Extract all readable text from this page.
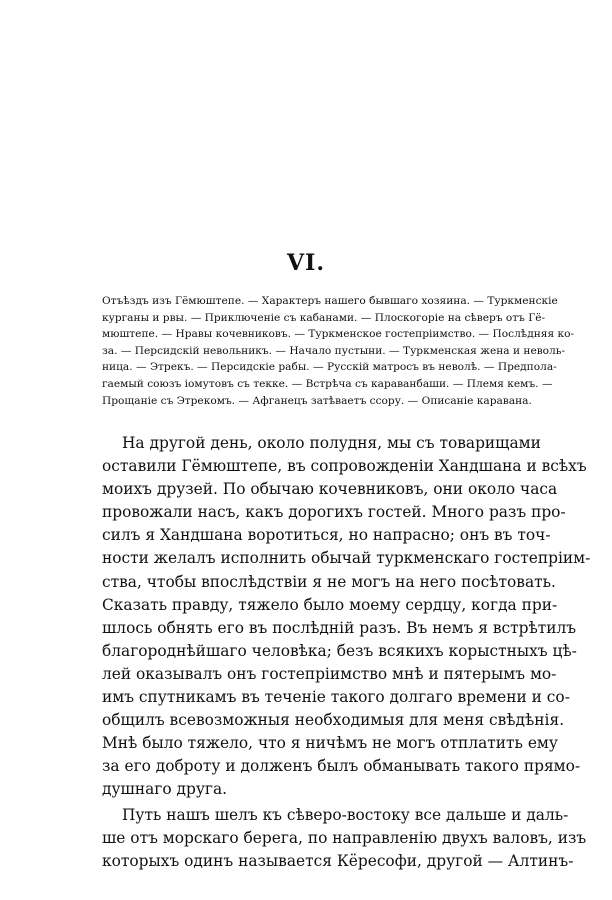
VI.
Отъѣздъ изъ Гёмюштепе. — Характеръ нашего бывшаго хозяина. — Туркменскіе
курганы и рвы. — Приключеніе съ кабанами. — Плоскогоріе на сѣверъ отъ Гё-
мюштепе. — Нравы кочевниковъ. — Туркменское гостепріимство. — Послѣдняя ко-
за. — Персидскій невольникъ. — Начало пустыни. — Туркменская жена и неволь-
ница. — Этрекъ. — Персидскіе рабы. — Русскій матросъ въ неволѣ. — Предпола-
гаемый союзъ іомутовъ съ текке. — Встрѣча съ караванбаши. — Племя кемъ. —
Прощаніе съ Этрекомъ. — Афганецъ затѣваетъ ссору. — Описаніе каравана.
На другой день, около полудня, мы съ товарищами
оставили Гёмюштепе, въ сопровожденіи Хандшана и всѣхъ
моихъ друзей. По обычаю кочевниковъ, они около часа
провожали насъ, какъ дорогихъ гостей. Много разъ про-
силъ я Хандшана воротиться, но напрасно; онъ въ точ-
ности желалъ исполнить обычай туркменскаго гостепріим-
ства, чтобы впослѣдствіи я не могъ на него посѣтовать.
Сказать правду, тяжело было моему сердцу, когда при-
шлось обнять его въ послѣдній разъ. Въ немъ я встрѣтилъ
благороднѣйшаго человѣка; безъ всякихъ корыстныхъ цѣ-
лей оказывалъ онъ гостепріимство мнѣ и пятерымъ мо-
имъ спутникамъ въ теченіе такого долгаго времени и со-
общилъ всевозможныя необходимыя для меня свѣдѣнія.
Мнѣ было тяжело, что я ничѣмъ не могъ отплатить ему
за его доброту и долженъ былъ обманывать такого прямо-
душнаго друга.
Путь нашъ шелъ къ сѣверо-востоку все дальше и даль-
ше отъ морскаго берега, по направленію двухъ валовъ, изъ
которыхъ одинъ называется Кёресофи, другой — Алтинъ-
